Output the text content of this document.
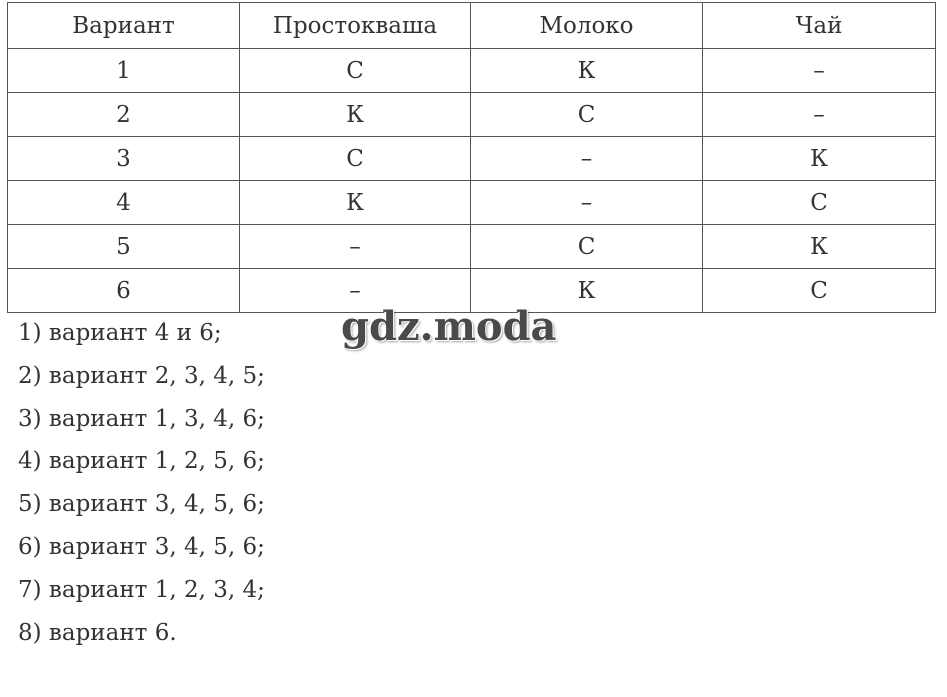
Вариант	Простокваша	Молоко	Чай
1	С	К	–
2	К	С	–
3	С	–	К
4	К	–	С
5	–	С	К
6	–	К	С
1) вариант 4 и 6;
2) вариант 2, 3, 4, 5;
3) вариант 1, 3, 4, 6;
4) вариант 1, 2, 5, 6;
5) вариант 3, 4, 5, 6;
6) вариант 3, 4, 5, 6;
7) вариант 1, 2, 3, 4;
8) вариант 6.
gdz.moda
